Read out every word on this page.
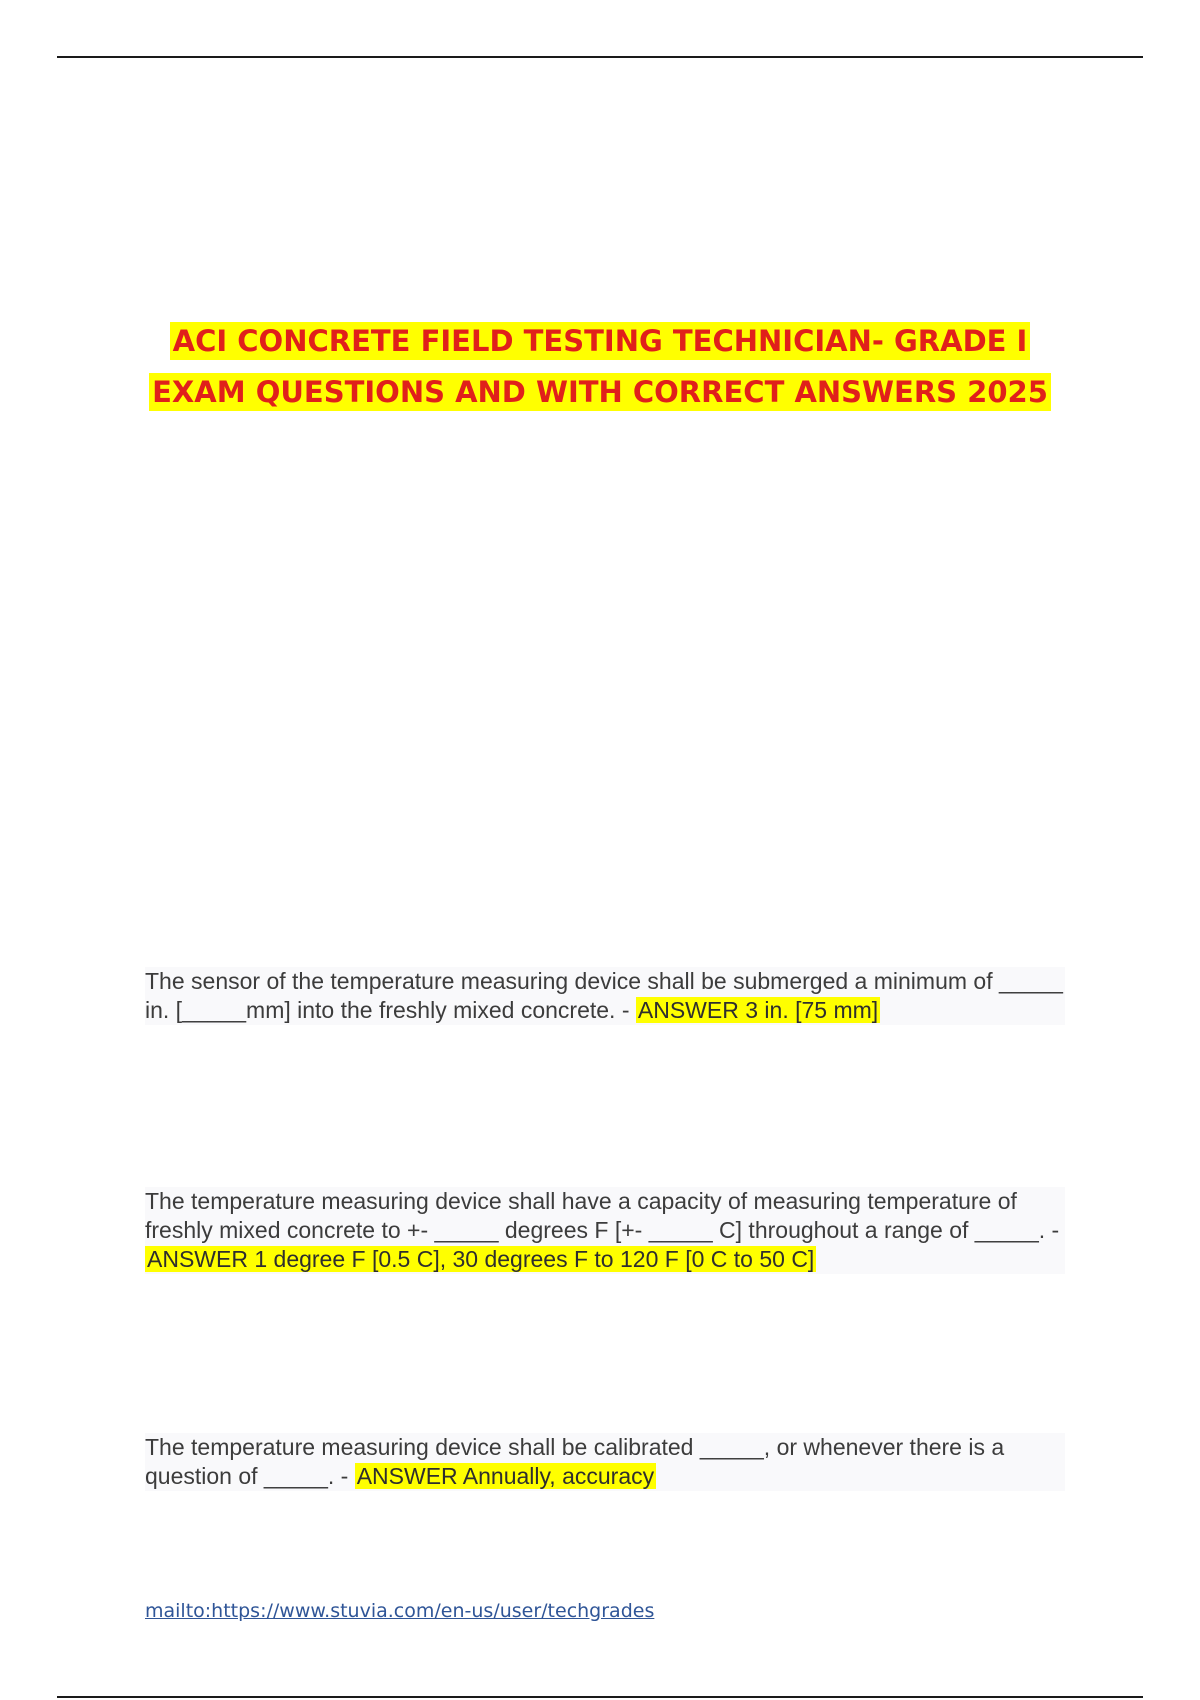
ACI CONCRETE FIELD TESTING TECHNICIAN- GRADE I
EXAM QUESTIONS AND WITH CORRECT ANSWERS 2025
The sensor of the temperature measuring device shall be submerged a minimum of _____ in. [_____mm] into the freshly mixed concrete. - ANSWER 3 in. [75 mm]
The temperature measuring device shall have a capacity of measuring temperature of freshly mixed concrete to +- _____ degrees F [+- _____ C] throughout a range of _____. - ANSWER 1 degree F [0.5 C], 30 degrees F to 120 F [0 C to 50 C]
The temperature measuring device shall be calibrated _____, or whenever there is a question of _____. - ANSWER Annually, accuracy
mailto:https://www.stuvia.com/en-us/user/techgrades
